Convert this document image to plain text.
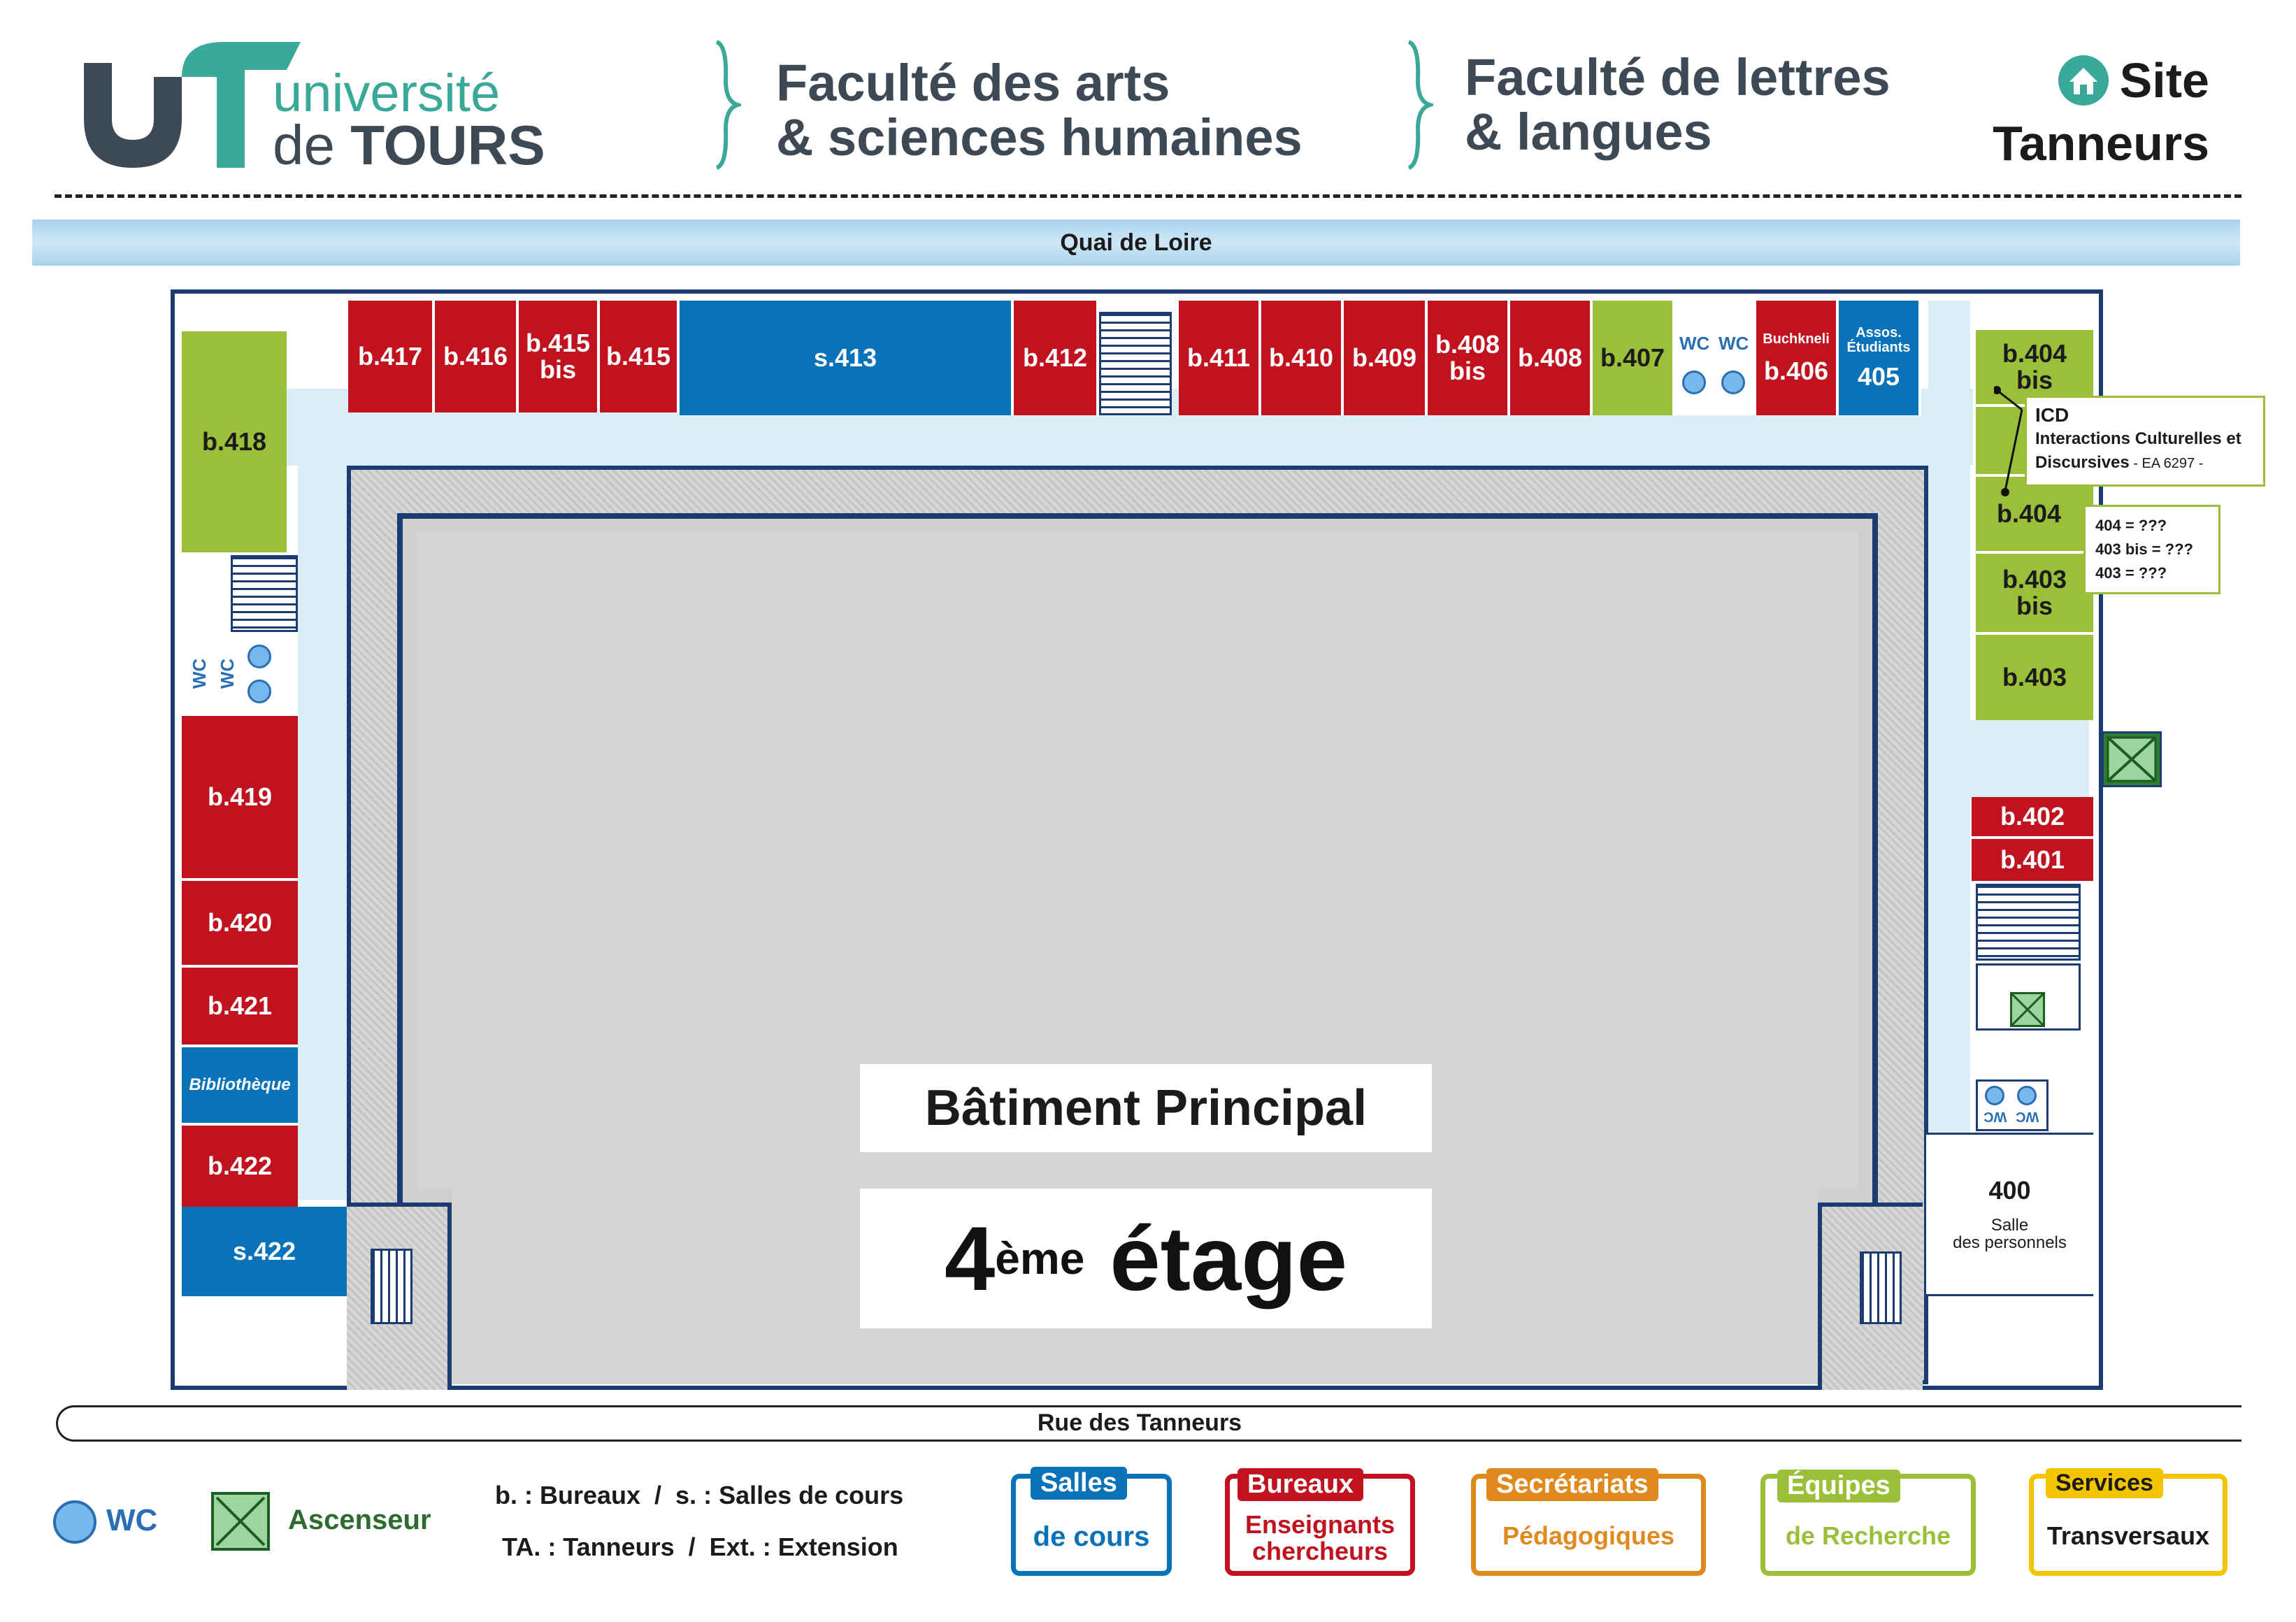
université
de TOURS
Faculté des arts
& sciences humaines
Faculté de lettres
& langues
Site
Tanneurs
Quai de Loire
b.417 b.416 b.415
bis b.415	s.413	b.412	b.411 b.410 b.409 b.408
bis b.408 b.407
WC WC Buchkneli
b.406
Assos.
Étudiants
405
b.404
bis
b.404
b.403
bis
b.403
b.402
b.401
WC WC
400
Salle
des personnels
b.418
WC WC
b.419
b.420
b.421
Bibliothèque
b.422
s.422
ICD
Interactions Culturelles et
Discursives - EA 6297 -
404 = ???
403 bis = ???
403 = ???
Bâtiment Principal
4 ème étage
Rue des Tanneurs
WC	Ascenseur
b. : Bureaux  /  s. : Salles de cours
TA. : Tanneurs  /  Ext. : Extension
Salles
de cours
Bureaux
Enseignants
chercheurs
Secrétariats
Pédagogiques
Équipes
de Recherche
Services
Transversaux
